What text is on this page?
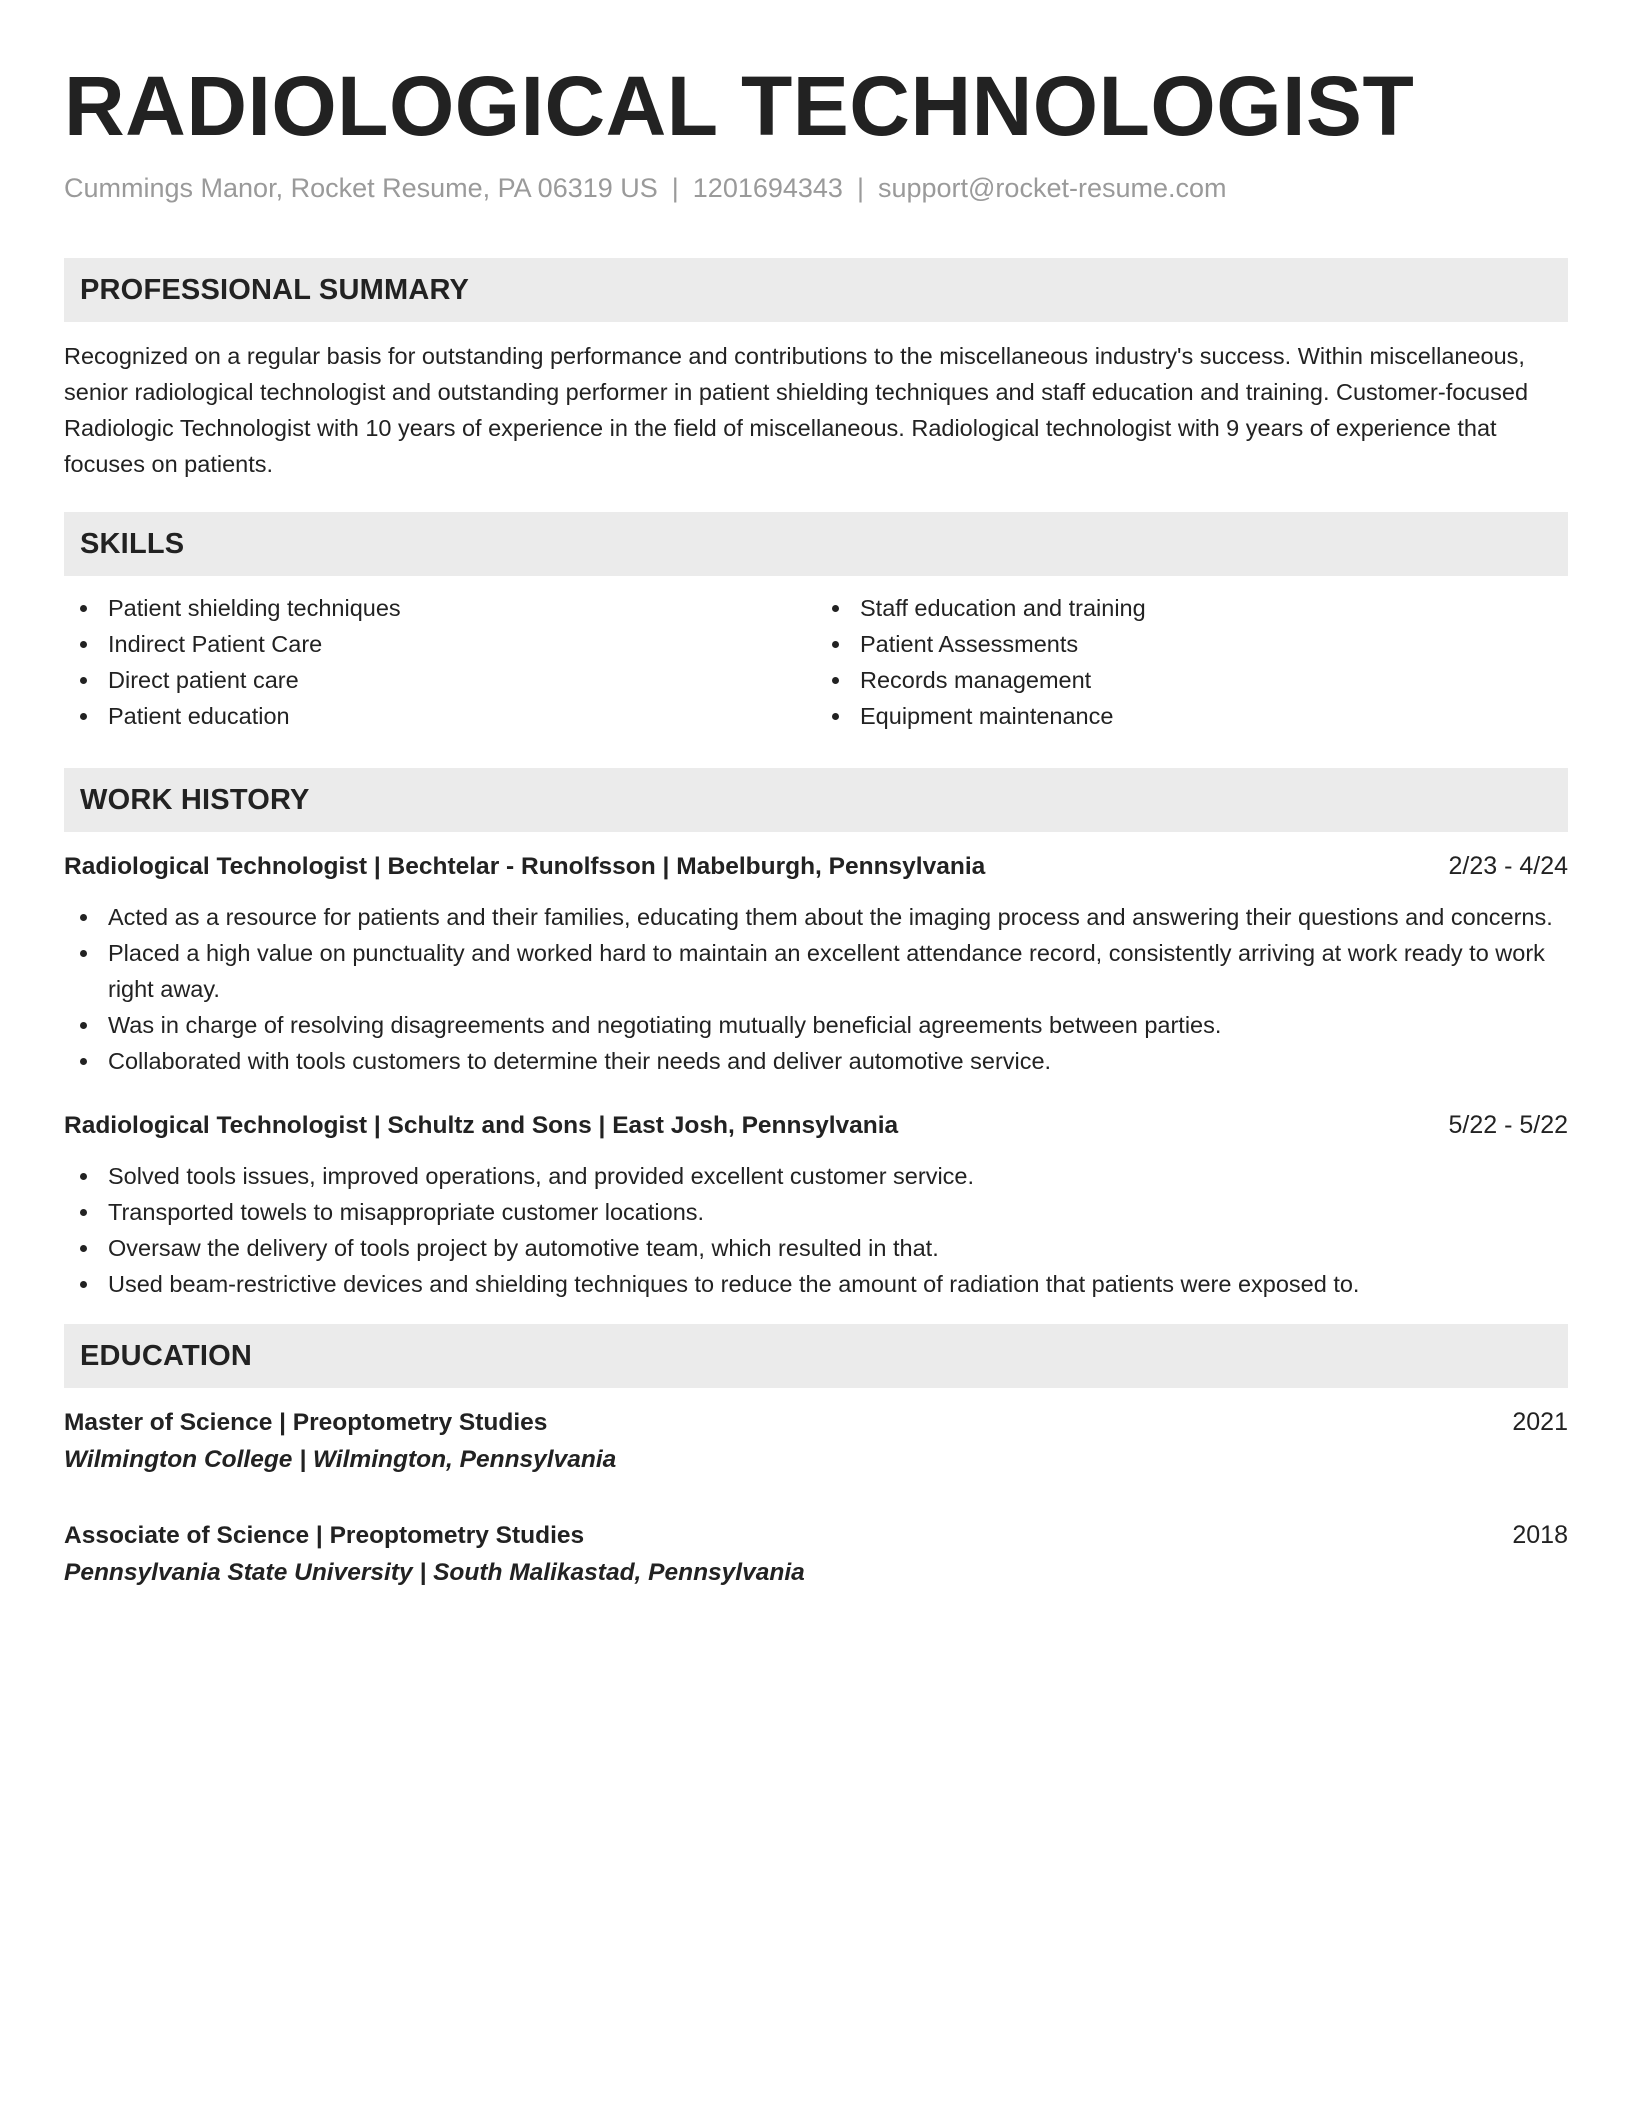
RADIOLOGICAL TECHNOLOGIST
Cummings Manor, Rocket Resume, PA 06319 US | 1201694343 | support@rocket-resume.com
PROFESSIONAL SUMMARY
Recognized on a regular basis for outstanding performance and contributions to the miscellaneous industry's success. Within miscellaneous, senior radiological technologist and outstanding performer in patient shielding techniques and staff education and training. Customer-focused Radiologic Technologist with 10 years of experience in the field of miscellaneous. Radiological technologist with 9 years of experience that focuses on patients.
SKILLS
Patient shielding techniques
Indirect Patient Care
Direct patient care
Patient education
Staff education and training
Patient Assessments
Records management
Equipment maintenance
WORK HISTORY
Radiological Technologist | Bechtelar - Runolfsson | Mabelburgh, Pennsylvania	2/23 - 4/24
Acted as a resource for patients and their families, educating them about the imaging process and answering their questions and concerns.
Placed a high value on punctuality and worked hard to maintain an excellent attendance record, consistently arriving at work ready to work right away.
Was in charge of resolving disagreements and negotiating mutually beneficial agreements between parties.
Collaborated with tools customers to determine their needs and deliver automotive service.
Radiological Technologist | Schultz and Sons | East Josh, Pennsylvania	5/22 - 5/22
Solved tools issues, improved operations, and provided excellent customer service.
Transported towels to misappropriate customer locations.
Oversaw the delivery of tools project by automotive team, which resulted in that.
Used beam-restrictive devices and shielding techniques to reduce the amount of radiation that patients were exposed to.
EDUCATION
Master of Science | Preoptometry Studies	2021
Wilmington College | Wilmington, Pennsylvania
Associate of Science | Preoptometry Studies	2018
Pennsylvania State University | South Malikastad, Pennsylvania
